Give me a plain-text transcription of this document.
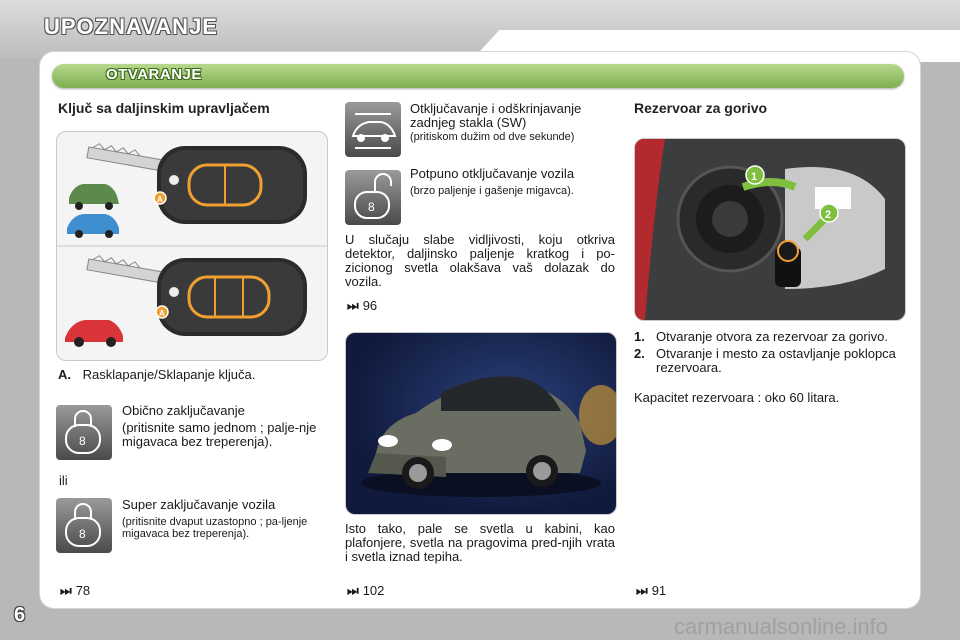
UPOZNAVANJE
OTVARANJE
Ključ sa daljinskim upravljačem
A
A
A. Rasklapanje/Sklapanje ključa.
8
Obično zaključavanje
(pritisnite samo jednom ; palje-nje migavaca bez treperenja).
ili
8
Super zaključavanje vozila
(pritisnite dvaput uzastopno ; pa-ljenje migavaca bez treperenja).
⏭ 78
Otključavanje i odškrinjavanje zadnjeg stakla (SW)
(pritiskom dužim od dve sekunde)
8
Potpuno otključavanje vozila
(brzo paljenje i gašenje migavca).
U slučaju slabe vidljivosti, koju otkriva detektor, daljinsko paljenje kratkog i po-zicionog svetla olakšava vaš dolazak do vozila.
⏭ 96
Isto tako, pale se svetla u kabini, kao plafonjere, svetla na pragovima pred-njih vrata i svetla iznad tepiha.
⏭ 102
Rezervoar za gorivo
1
2
1. Otvaranje otvora za rezervoar za gorivo.
2. Otvaranje i mesto za ostavljanje poklopca rezervoara.
Kapacitet rezervoara : oko 60 litara.
⏭ 91
6	carmanualsonline.info
